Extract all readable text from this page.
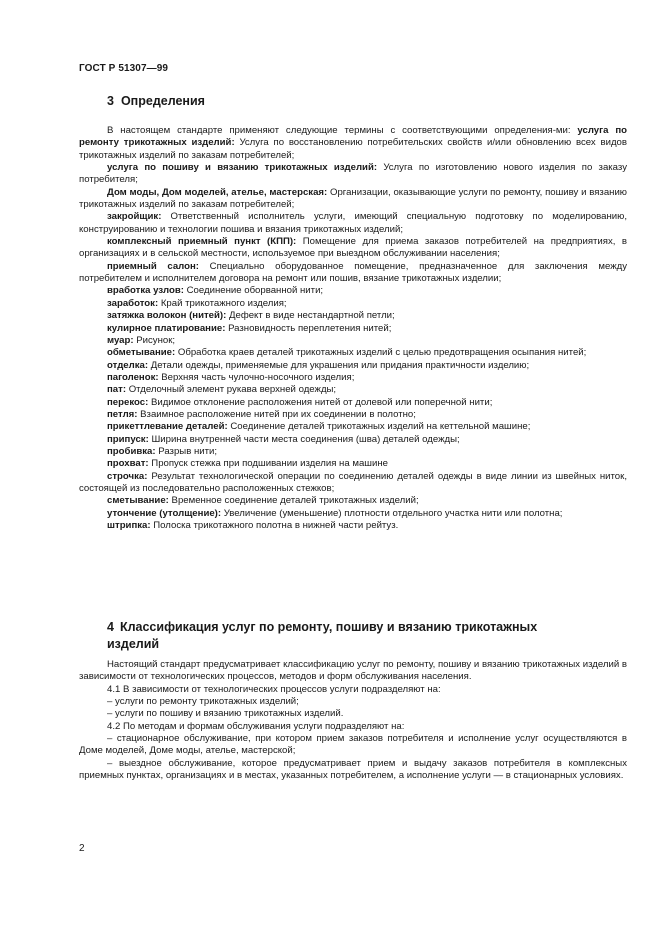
ГОСТ Р 51307—99
3 Определения

В настоящем стандарте применяют следующие термины с соответствующими определения-ми: услуга по ремонту трикотажных изделий: Услуга по восстановлению потребительских свойств и/или обновлению всех видов трикотажных изделий по заказам потребителей;

услуга по пошиву и вязанию трикотажных изделий: Услуга по изготовлению нового изделия по заказу потребителя;

Дом моды, Дом моделей, ателье, мастерская: Организации, оказывающие услуги по ремонту, пошиву и вязанию трикотажных изделий по заказам потребителей;

закройщик: Ответственный исполнитель услуги, имеющий специальную подготовку по моделированию, конструированию и технологии пошива и вязания трикотажных изделий;

комплексный приемный пункт (КПП): Помещение для приема заказов потребителей на предприятиях, в организациях и в сельской местности, используемое при выездном обслуживании населения;

приемный салон: Специально оборудованное помещение, предназначенное для заключения между потребителем и исполнителем договора на ремонт или пошив, вязание трикотажных изделии;

вработка узлов: Соединение оборванной нити;

заработок: Край трикотажного изделия;

затяжка волокон (нитей): Дефект в виде нестандартной петли;

кулирное платирование: Разновидность переплетения нитей;

муар: Рисунок;

обметывание: Обработка краев деталей трикотажных изделий с целью предотвращения осыпания нитей;

отделка: Детали одежды, применяемые для украшения или придания практичности изделию;

паголенок: Верхняя часть чулочно-носочного изделия;

пат: Отделочный элемент рукава верхней одежды;

перекос: Видимое отклонение расположения нитей от долевой или поперечной нити;

петля: Взаимное расположение нитей при их соединении в полотно;

прикеттлевание деталей: Соединение деталей трикотажных изделий на кеттельной машине;

припуск: Ширина внутренней части места соединения (шва) деталей одежды;

пробивка: Разрыв нити;

прохват: Пропуск стежка при подшивании изделия на машине

строчка: Результат технологической операции по соединению деталей одежды в виде линии из швейных ниток, состоящей из последовательно расположенных стежков;

сметывание: Временное соединение деталей трикотажных изделий;

утончение (утолщение): Увеличение (уменьшение) плотности отдельного участка нити или полотна;

штрипка: Полоска трикотажного полотна в нижней части рейтуз.

4 Классификация услуг по ремонту, пошиву и вязанию трикотажных изделий

Настоящий стандарт предусматривает классификацию услуг по ремонту, пошиву и вязанию трикотажных изделий в зависимости от технологических процессов, методов и форм обслуживания населения.

4.1 В зависимости от технологических процессов услуги подразделяют на:

– услуги по ремонту трикотажных изделий;

– услуги по пошиву и вязанию трикотажных изделий.

4.2 По методам и формам обслуживания услуги подразделяют на:

– стационарное обслуживание, при котором прием заказов потребителя и исполнение услуг осуществляются в Доме моделей, Доме моды, ателье, мастерской;

– выездное обслуживание, которое предусматривает прием и выдачу заказов потребителя в комплексных приемных пунктах, организациях и в местах, указанных потребителем, а исполнение услуги — в стационарных условиях.

2
